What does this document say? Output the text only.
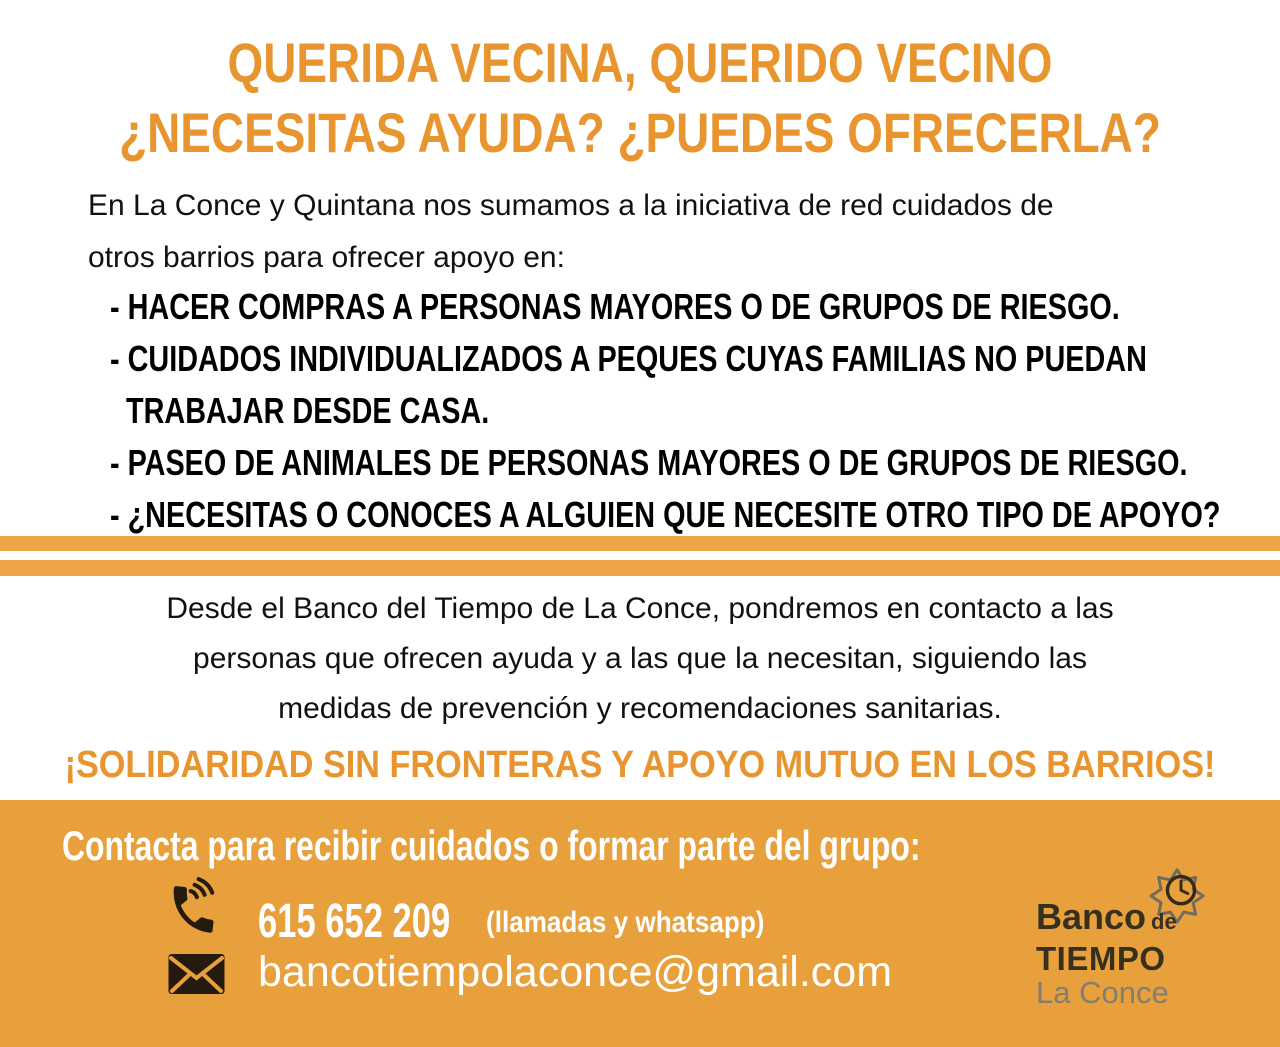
QUERIDA VECINA, QUERIDO VECINO
¿NECESITAS AYUDA? ¿PUEDES OFRECERLA?
En La Conce y Quintana nos sumamos a la iniciativa de red cuidados de
otros barrios para ofrecer apoyo en:
- HACER COMPRAS A PERSONAS MAYORES O DE GRUPOS DE RIESGO.
- CUIDADOS INDIVIDUALIZADOS A PEQUES CUYAS FAMILIAS NO PUEDAN
TRABAJAR DESDE CASA.
- PASEO DE ANIMALES DE PERSONAS MAYORES O DE GRUPOS DE RIESGO.
- ¿NECESITAS O CONOCES A ALGUIEN QUE NECESITE OTRO TIPO DE APOYO?
Desde el Banco del Tiempo de La Conce, pondremos en contacto a las
personas que ofrecen ayuda y a las que la necesitan, siguiendo las
medidas de prevención y recomendaciones sanitarias.
¡SOLIDARIDAD SIN FRONTERAS Y APOYO MUTUO EN LOS BARRIOS!
Contacta para recibir cuidados o formar parte del grupo:
615 652 209 (llamadas y whatsapp)
bancotiempolaconce@gmail.com
Banco de
TIEMPO
La Conce
